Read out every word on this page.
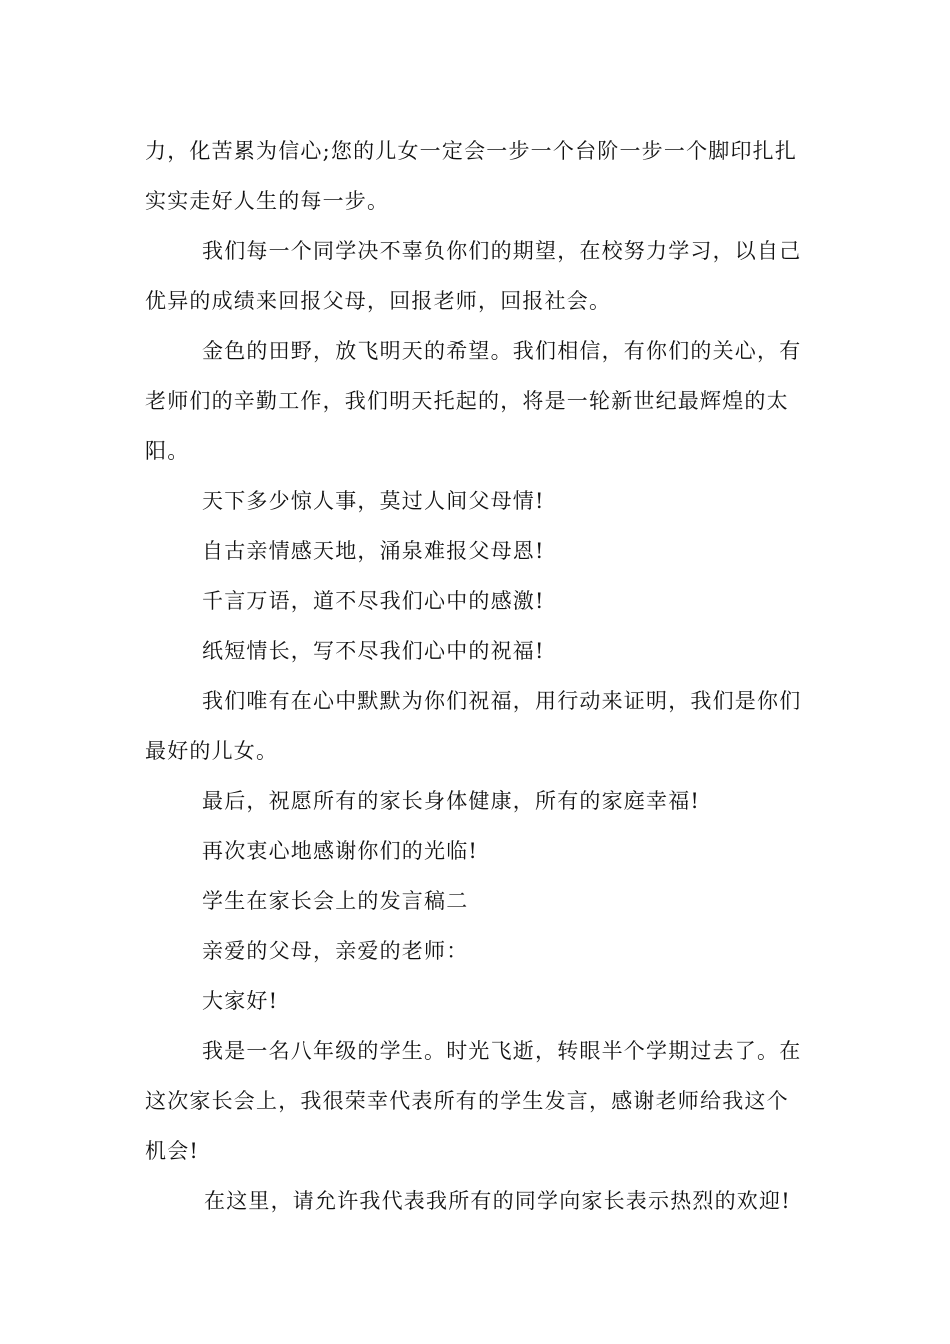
力，化苦累为信心;您的儿女一定会一步一个台阶一步一个脚印扎扎实实走好人生的每一步。

我们每一个同学决不辜负你们的期望，在校努力学习，以自己优异的成绩来回报父母，回报老师，回报社会。

金色的田野，放飞明天的希望。我们相信，有你们的关心，有老师们的辛勤工作，我们明天托起的，将是一轮新世纪最辉煌的太阳。

天下多少惊人事，莫过人间父母情!

自古亲情感天地，涌泉难报父母恩!

千言万语，道不尽我们心中的感激!

纸短情长，写不尽我们心中的祝福!

我们唯有在心中默默为你们祝福，用行动来证明，我们是你们最好的儿女。

最后，祝愿所有的家长身体健康，所有的家庭幸福!

再次衷心地感谢你们的光临!

学生在家长会上的发言稿二

亲爱的父母，亲爱的老师：

大家好!

我是一名八年级的学生。时光飞逝，转眼半个学期过去了。在这次家长会上，我很荣幸代表所有的学生发言，感谢老师给我这个机会!

在这里，请允许我代表我所有的同学向家长表示热烈的欢迎!
